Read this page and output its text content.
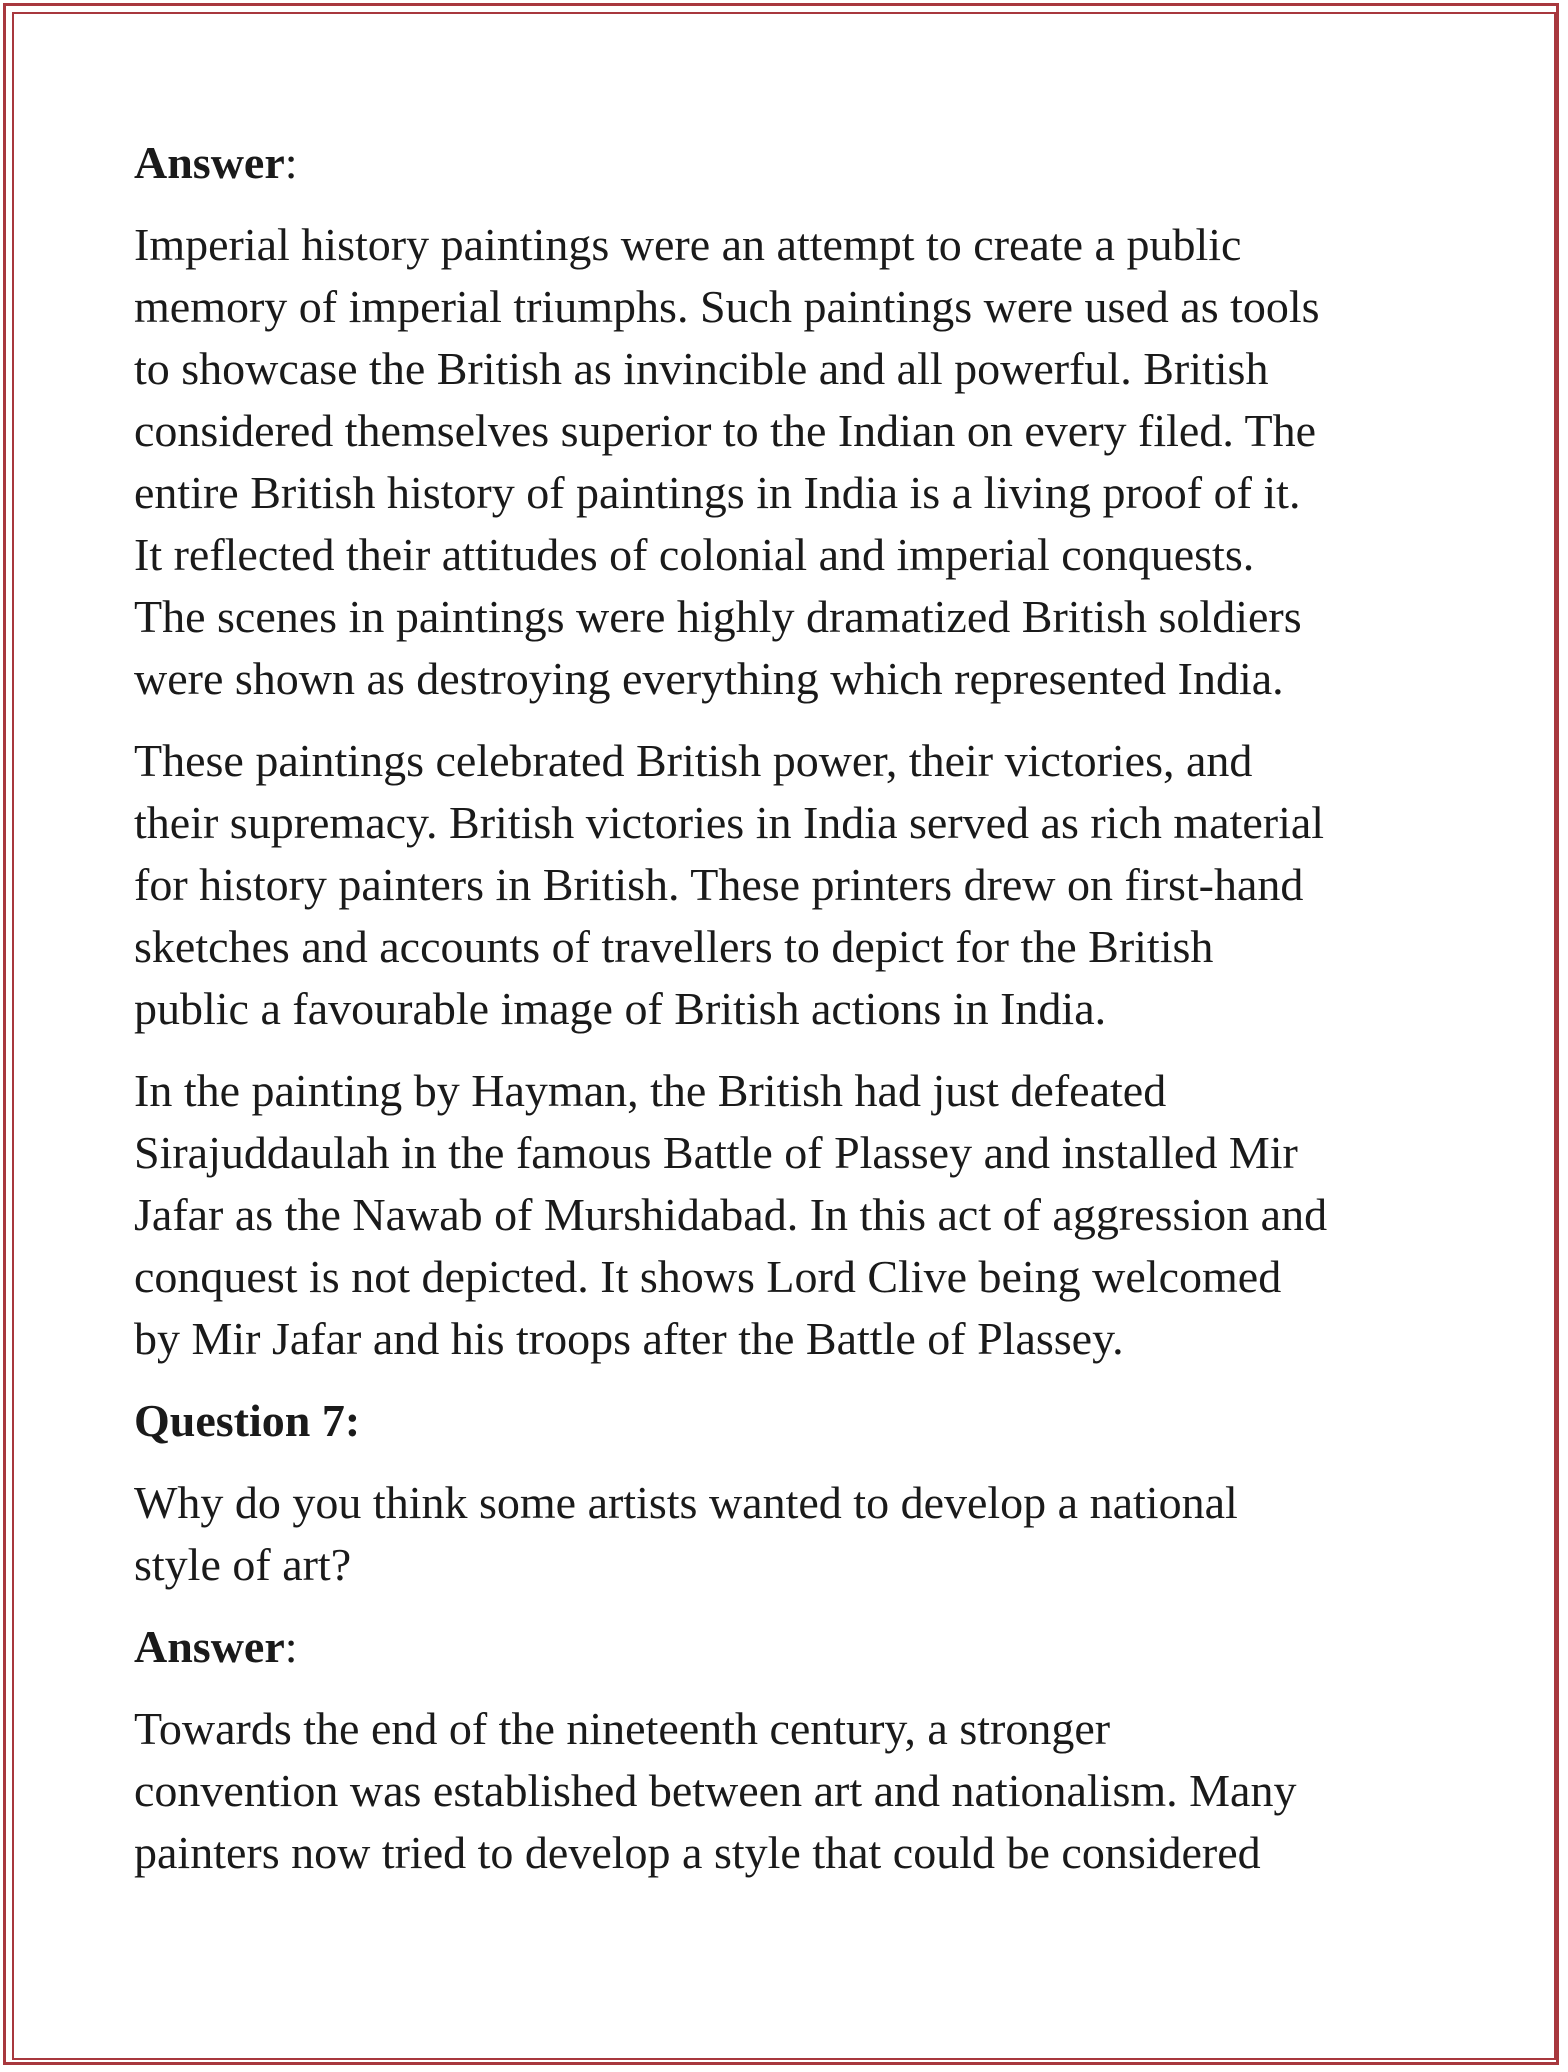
Answer:

Imperial history paintings were an attempt to create a public
memory of imperial triumphs. Such paintings were used as tools
to showcase the British as invincible and all powerful. British
considered themselves superior to the Indian on every filed. The
entire British history of paintings in India is a living proof of it.
It reflected their attitudes of colonial and imperial conquests.
The scenes in paintings were highly dramatized British soldiers
were shown as destroying everything which represented India.

These paintings celebrated British power, their victories, and
their supremacy. British victories in India served as rich material
for history painters in British. These printers drew on first-hand
sketches and accounts of travellers to depict for the British
public a favourable image of British actions in India.

In the painting by Hayman, the British had just defeated
Sirajuddaulah in the famous Battle of Plassey and installed Mir
Jafar as the Nawab of Murshidabad. In this act of aggression and
conquest is not depicted. It shows Lord Clive being welcomed
by Mir Jafar and his troops after the Battle of Plassey.

Question 7:

Why do you think some artists wanted to develop a national
style of art?

Answer:

Towards the end of the nineteenth century, a stronger
convention was established between art and nationalism. Many
painters now tried to develop a style that could be considered
